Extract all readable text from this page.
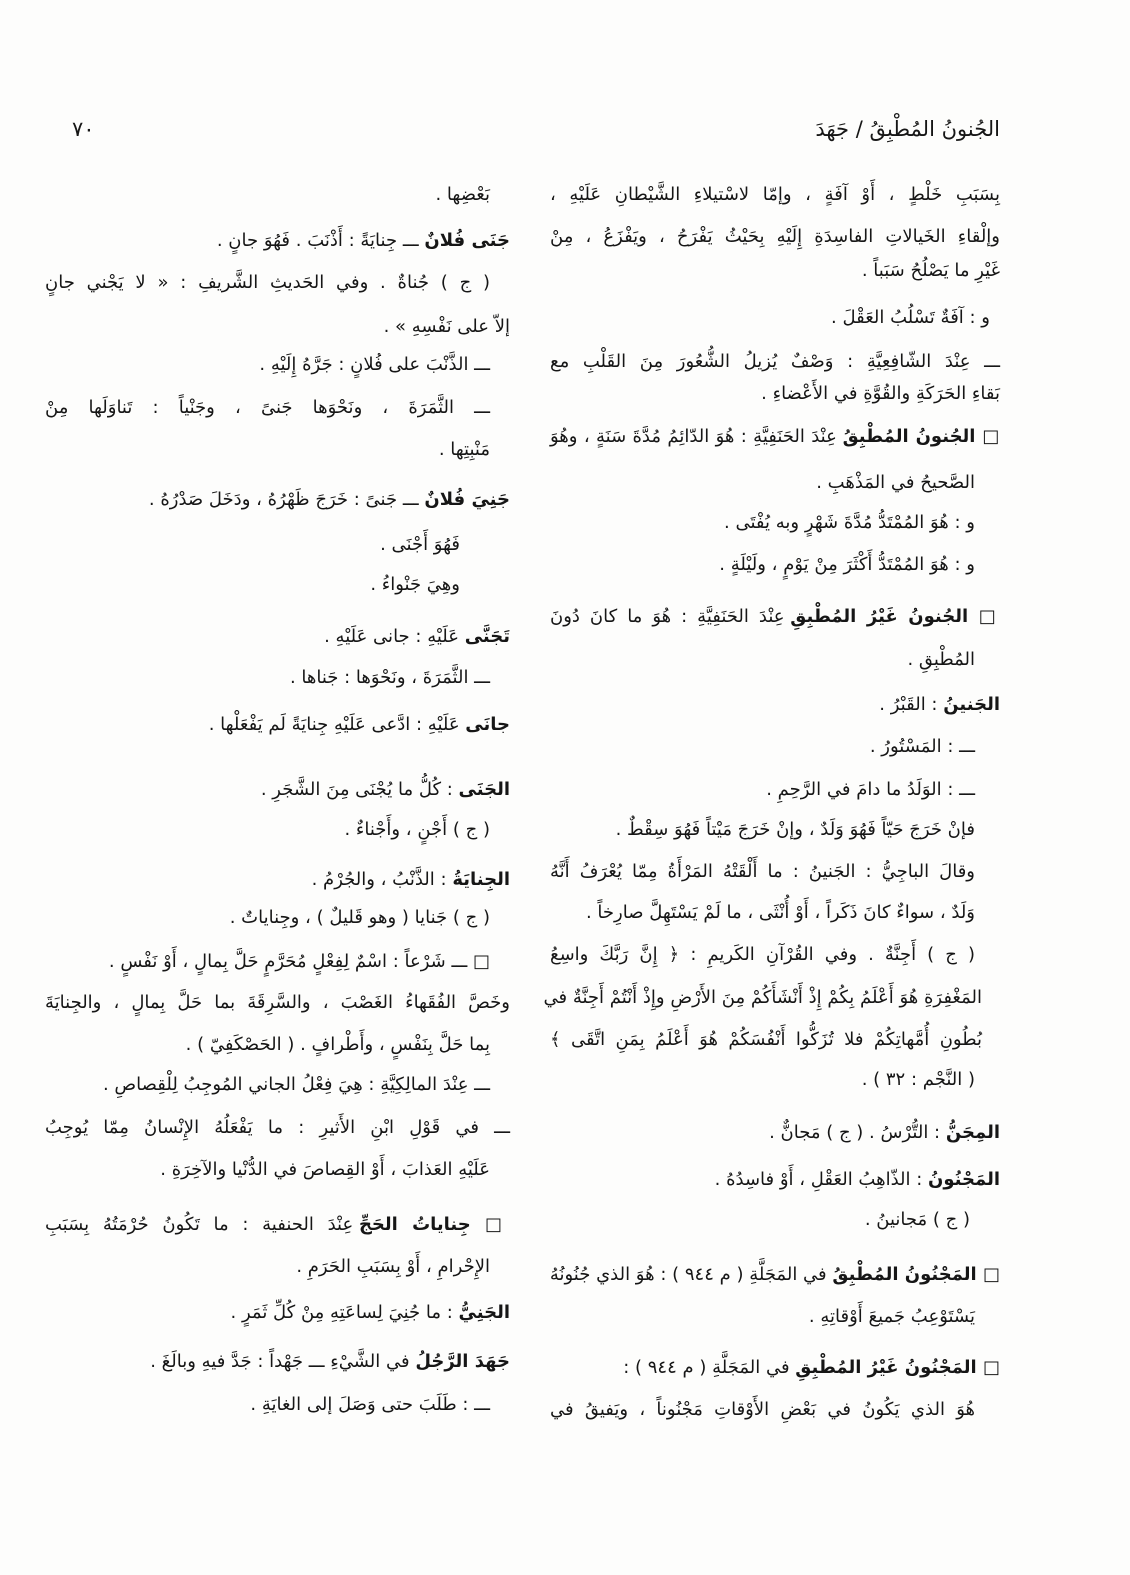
الجُنونُ المُطْبِقُ / جَهَدَ
٧٠
بِسَبَبِ خَلْطٍ ، أَوْ آفَةٍ ، وإمّا لاسْتيلاءِ الشَّيْطانِ عَلَيْهِ ،
وإلْقاءِ الخَيالاتِ الفاسِدَةِ إِلَيْهِ بِحَيْثُ يَفْرَحُ ، ويَفْزَعُ ، مِنْ
غَيْرِ ما يَصْلُحُ سَبَباً .
و : آفَةٌ تَسْلُبُ العَقْلَ .
ـــ عِنْدَ الشّافِعِيَّةِ : وَصْفٌ يُزيلُ الشُّعُورَ مِنَ القَلْبِ مع
بَقاءِ الحَرَكَةِ والقُوَّةِ في الأَعْضاءِ .
□ الجُنونُ المُطْبِقُ عِنْدَ الحَنَفِيَّةِ : هُوَ الدّائِمُ مُدَّةَ سَنَةٍ ، وهُوَ
الصَّحيحُ في المَذْهَبِ .
و : هُوَ المُمْتَدُّ مُدَّةَ شَهْرٍ وبه يُفْتَى .
و : هُوَ المُمْتَدُّ أَكْثَرَ مِنْ يَوْمٍ ، ولَيْلَةٍ .
□ الجُنونُ غَيْرُ المُطْبِقِ عِنْدَ الحَنَفِيَّةِ : هُوَ ما كانَ دُونَ
المُطْبِقِ .
الجَنينُ : القَبْرُ .
ـــ : المَسْتُورُ .
ـــ : الوَلَدُ ما دامَ في الرَّحِمِ .
فإنْ خَرَجَ حَيّاً فَهُوَ وَلَدٌ ، وإنْ خَرَجَ مَيْتاً فَهُوَ سِقْطٌ .
وقالَ الباجِيُّ : الجَنينُ : ما أَلْقَتْهُ المَرْأَةُ مِمّا يُعْرَفُ أَنَّهُ
وَلَدٌ ، سواءٌ كانَ ذَكَراً ، أَوْ أُنْثَى ، ما لَمْ يَسْتَهِلَّ صارِخاً .
( ج ) أَجِنَّةٌ . وفي القُرْآنِ الكَريمِ : ﴿ إِنَّ رَبَّكَ واسِعُ
المَغْفِرَةِ هُوَ أَعْلَمُ بِكُمْ إِذْ أَنْشَأَكُمْ مِنَ الأَرْضِ وإِذْ أَنْتُمْ أَجِنَّةٌ في
بُطُونِ أُمَّهاتِكُمْ فلا تُزَكُّوا أَنْفُسَكُمْ هُوَ أَعْلَمُ بِمَنِ اتَّقَى ﴾
( النَّجْم : ٣٢ ) .
المِجَنُّ : التُّرْسُ . ( ج ) مَجانٌّ .
المَجْنُونُ : الذّاهِبُ العَقْلِ ، أَوْ فاسِدُهُ .
( ج ) مَجانينُ .
□ المَجْنُونُ المُطْبِقُ في المَجَلَّةِ ( م ٩٤٤ ) : هُوَ الذي جُنُونُهُ
يَسْتَوْعِبُ جَميعَ أَوْقاتِهِ .
□ المَجْنُونُ غَيْرُ المُطْبِقِ في المَجَلَّةِ ( م ٩٤٤ ) :
هُوَ الذي يَكُونُ في بَعْضِ الأَوْقاتِ مَجْنُوناً ، ويَفيقُ في
بَعْضِها .
جَنَى فُلانٌ ـــ جِنايَةً : أَذْنَبَ . فَهُوَ جانٍ .
( ج ) جُناةٌ . وفي الحَديثِ الشَّريفِ : « لا يَجْني جانٍ
إلاّ على نَفْسِهِ » .
ـــ الذَّنْبَ على فُلانٍ : جَرَّهُ إِلَيْهِ .
ـــ الثَّمَرَةَ ، ونَحْوَها جَنىً ، وجَنْياً : تَناوَلَها مِنْ
مَنْبِتِها .
جَنِيَ فُلانٌ ـــ جَنىً : خَرَجَ ظَهْرُهُ ، ودَخَلَ صَدْرُهُ .
فَهُوَ أَجْنَى .
وهِيَ جَنْواءُ .
تَجَنَّى عَلَيْهِ : جانى عَلَيْهِ .
ـــ الثَّمَرَةَ ، ونَحْوَها : جَناها .
جانَى عَلَيْهِ : ادَّعى عَلَيْهِ جِنايَةً لَم يَفْعَلْها .
الجَنَى : كُلُّ ما يُجْنَى مِنَ الشَّجَرِ .
( ج ) أَجْنٍ ، وأَجْناءٌ .
الجِنايَةُ : الذَّنْبُ ، والجُرْمُ .
( ج ) جَنايا ( وهو قَليلٌ ) ، وجِناياتٌ .
□ ـــ شَرْعاً : اسْمٌ لِفِعْلٍ مُحَرَّمٍ حَلَّ بِمالٍ ، أَوْ نَفْسٍ .
وخَصَّ الفُقَهاءُ الغَصْبَ ، والسَّرِقَةَ بما حَلَّ بِمالٍ ، والجِنايَةَ
بِما حَلَّ بِنَفْسٍ ، وأَطْرافٍ . ( الحَصْكَفِيّ ) .
ـــ عِنْدَ المالِكِيَّةِ : هِيَ فِعْلُ الجاني المُوجِبُ لِلْقِصاصِ .
ـــ في قَوْلِ ابْنِ الأَثيرِ : ما يَفْعَلُهُ الإِنْسانُ مِمّا يُوجِبُ
عَلَيْهِ العَذابَ ، أَوْ القِصاصَ في الدُّنْيا والآخِرَةِ .
□ جِناياتُ الحَجِّ عِنْدَ الحنفية : ما تَكُونُ حُرْمَتُهُ بِسَبَبِ
الإِحْرامِ ، أَوْ بِسَبَبِ الحَرَمِ .
الجَنِيُّ : ما جُنِيَ لِساعَتِهِ مِنْ كُلِّ ثَمَرٍ .
جَهَدَ الرَّجُلُ في الشَّيْءِ ـــ جَهْداً : جَدَّ فيهِ وبالَغَ .
ـــ : طَلَبَ حتى وَصَلَ إلى الغايَةِ .
